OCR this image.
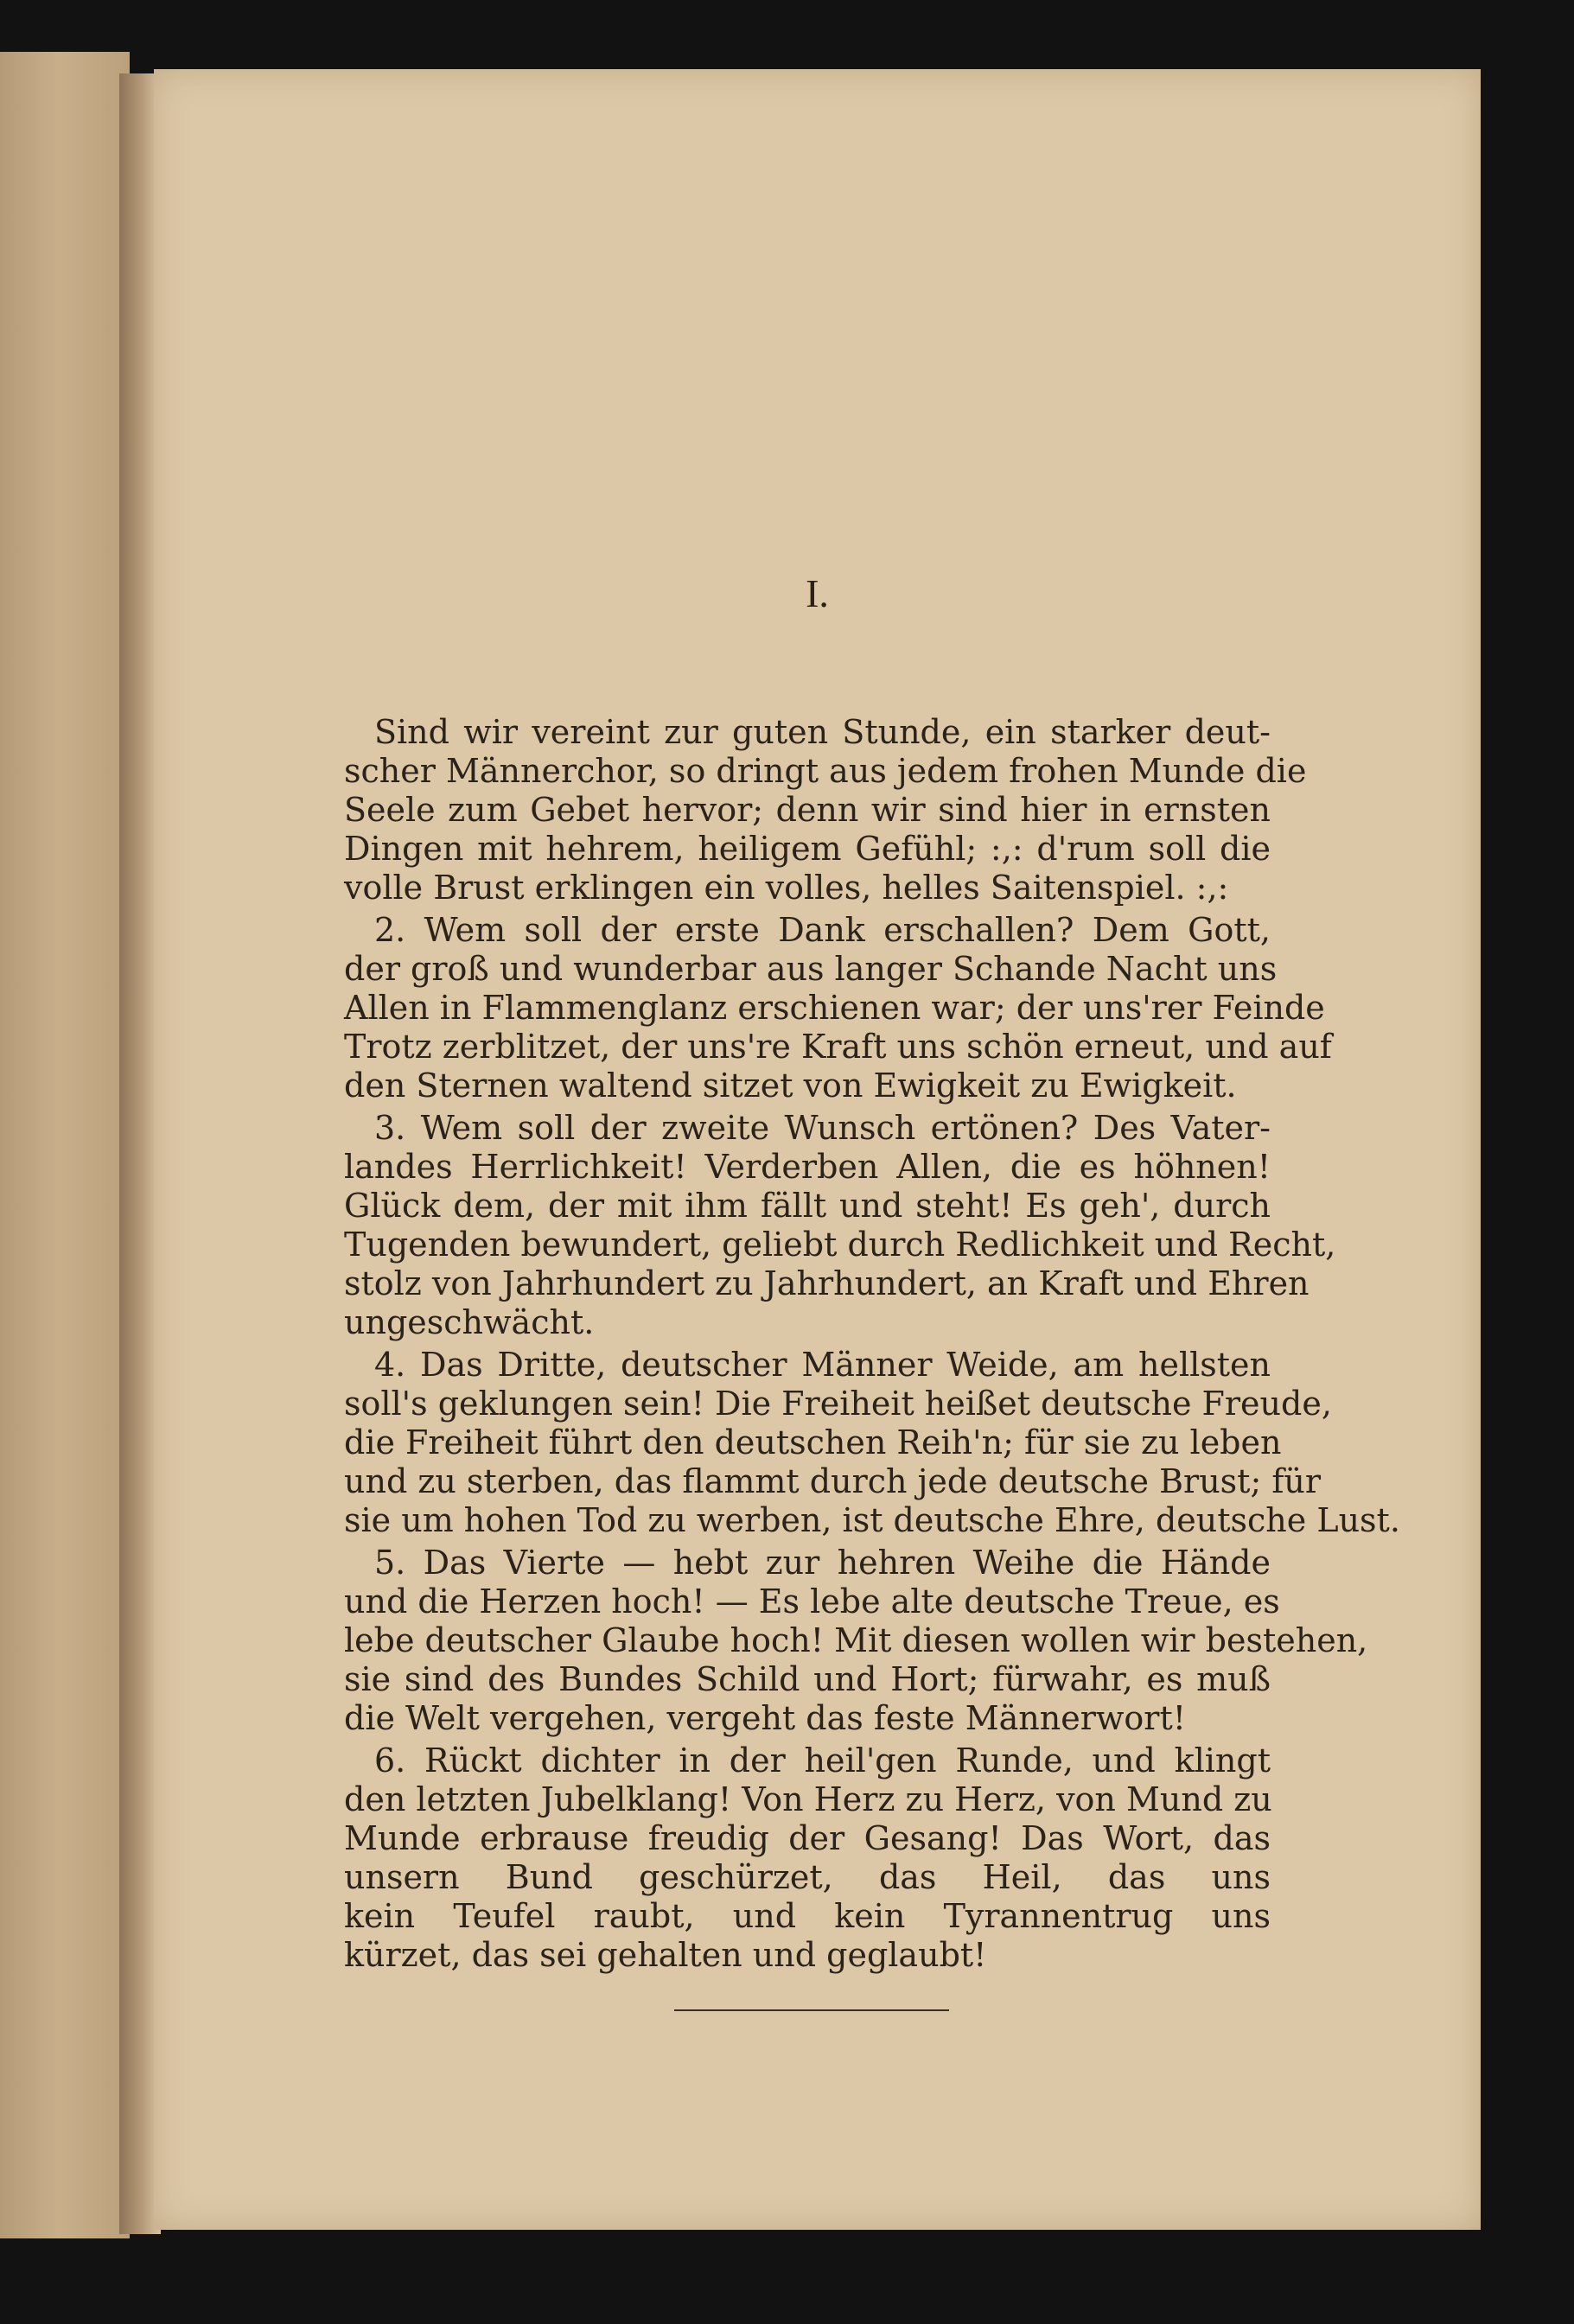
I.

Sind wir vereint zur guten Stunde, ein starker deut-
scher Männerchor, so dringt aus jedem frohen Munde die
Seele zum Gebet hervor; denn wir sind hier in ernsten
Dingen mit hehrem, heiligem Gefühl; :,: d'rum soll die
volle Brust erklingen ein volles, helles Saitenspiel. :,:

2. Wem soll der erste Dank erschallen? Dem Gott,
der groß und wunderbar aus langer Schande Nacht uns
Allen in Flammenglanz erschienen war; der uns'rer Feinde
Trotz zerblitzet, der uns're Kraft uns schön erneut, und auf
den Sternen waltend sitzet von Ewigkeit zu Ewigkeit.

3. Wem soll der zweite Wunsch ertönen? Des Vater-
landes Herrlichkeit! Verderben Allen, die es höhnen!
Glück dem, der mit ihm fällt und steht! Es geh', durch
Tugenden bewundert, geliebt durch Redlichkeit und Recht,
stolz von Jahrhundert zu Jahrhundert, an Kraft und Ehren
ungeschwächt.

4. Das Dritte, deutscher Männer Weide, am hellsten
soll's geklungen sein! Die Freiheit heißet deutsche Freude,
die Freiheit führt den deutschen Reih'n; für sie zu leben
und zu sterben, das flammt durch jede deutsche Brust; für
sie um hohen Tod zu werben, ist deutsche Ehre, deutsche Lust.

5. Das Vierte — hebt zur hehren Weihe die Hände
und die Herzen hoch! — Es lebe alte deutsche Treue, es
lebe deutscher Glaube hoch! Mit diesen wollen wir bestehen,
sie sind des Bundes Schild und Hort; fürwahr, es muß
die Welt vergehen, vergeht das feste Männerwort!

6. Rückt dichter in der heil'gen Runde, und klingt
den letzten Jubelklang! Von Herz zu Herz, von Mund zu
Munde erbrause freudig der Gesang! Das Wort, das
unsern Bund geschürzet, das Heil, das uns
kein Teufel raubt, und kein Tyrannentrug uns
kürzet, das sei gehalten und geglaubt!
